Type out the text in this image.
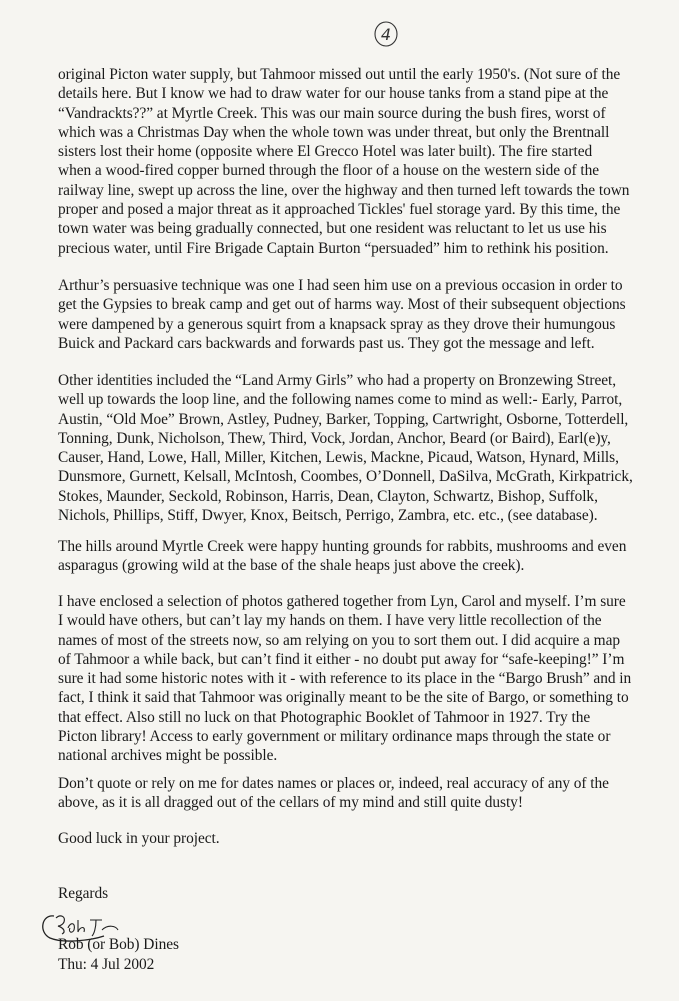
4
original Picton water supply, but Tahmoor missed out until the early 1950's. (Not sure of the
details here. But I know we had to draw water for our house tanks from a stand pipe at the
“Vandrackts??” at Myrtle Creek. This was our main source during the bush fires, worst of
which was a Christmas Day when the whole town was under threat, but only the Brentnall
sisters lost their home (opposite where El Grecco Hotel was later built). The fire started
when a wood-fired copper burned through the floor of a house on the western side of the
railway line, swept up across the line, over the highway and then turned left towards the town
proper and posed a major threat as it approached Tickles' fuel storage yard. By this time, the
town water was being gradually connected, but one resident was reluctant to let us use his
precious water, until Fire Brigade Captain Burton “persuaded” him to rethink his position.
Arthur’s persuasive technique was one I had seen him use on a previous occasion in order to
get the Gypsies to break camp and get out of harms way. Most of their subsequent objections
were dampened by a generous squirt from a knapsack spray as they drove their humungous
Buick and Packard cars backwards and forwards past us. They got the message and left.
Other identities included the “Land Army Girls” who had a property on Bronzewing Street,
well up towards the loop line, and the following names come to mind as well:- Early, Parrot,
Austin, “Old Moe” Brown, Astley, Pudney, Barker, Topping, Cartwright, Osborne, Totterdell,
Tonning, Dunk, Nicholson, Thew, Third, Vock, Jordan, Anchor, Beard (or Baird), Earl(e)y,
Causer, Hand, Lowe, Hall, Miller, Kitchen, Lewis, Mackne, Picaud, Watson, Hynard, Mills,
Dunsmore, Gurnett, Kelsall, McIntosh, Coombes, O’Donnell, DaSilva, McGrath, Kirkpatrick,
Stokes, Maunder, Seckold, Robinson, Harris, Dean, Clayton, Schwartz, Bishop, Suffolk,
Nichols, Phillips, Stiff, Dwyer, Knox, Beitsch, Perrigo, Zambra, etc. etc., (see database).
The hills around Myrtle Creek were happy hunting grounds for rabbits, mushrooms and even
asparagus (growing wild at the base of the shale heaps just above the creek).
I have enclosed a selection of photos gathered together from Lyn, Carol and myself. I’m sure
I would have others, but can’t lay my hands on them. I have very little recollection of the
names of most of the streets now, so am relying on you to sort them out. I did acquire a map
of Tahmoor a while back, but can’t find it either - no doubt put away for “safe-keeping!” I’m
sure it had some historic notes with it - with reference to its place in the “Bargo Brush” and in
fact, I think it said that Tahmoor was originally meant to be the site of Bargo, or something to
that effect. Also still no luck on that Photographic Booklet of Tahmoor in 1927. Try the
Picton library! Access to early government or military ordinance maps through the state or
national archives might be possible.
Don’t quote or rely on me for dates names or places or, indeed, real accuracy of any of the
above, as it is all dragged out of the cellars of my mind and still quite dusty!
Good luck in your project.
Regards
Rob (or Bob) Dines
Thu: 4 Jul 2002
